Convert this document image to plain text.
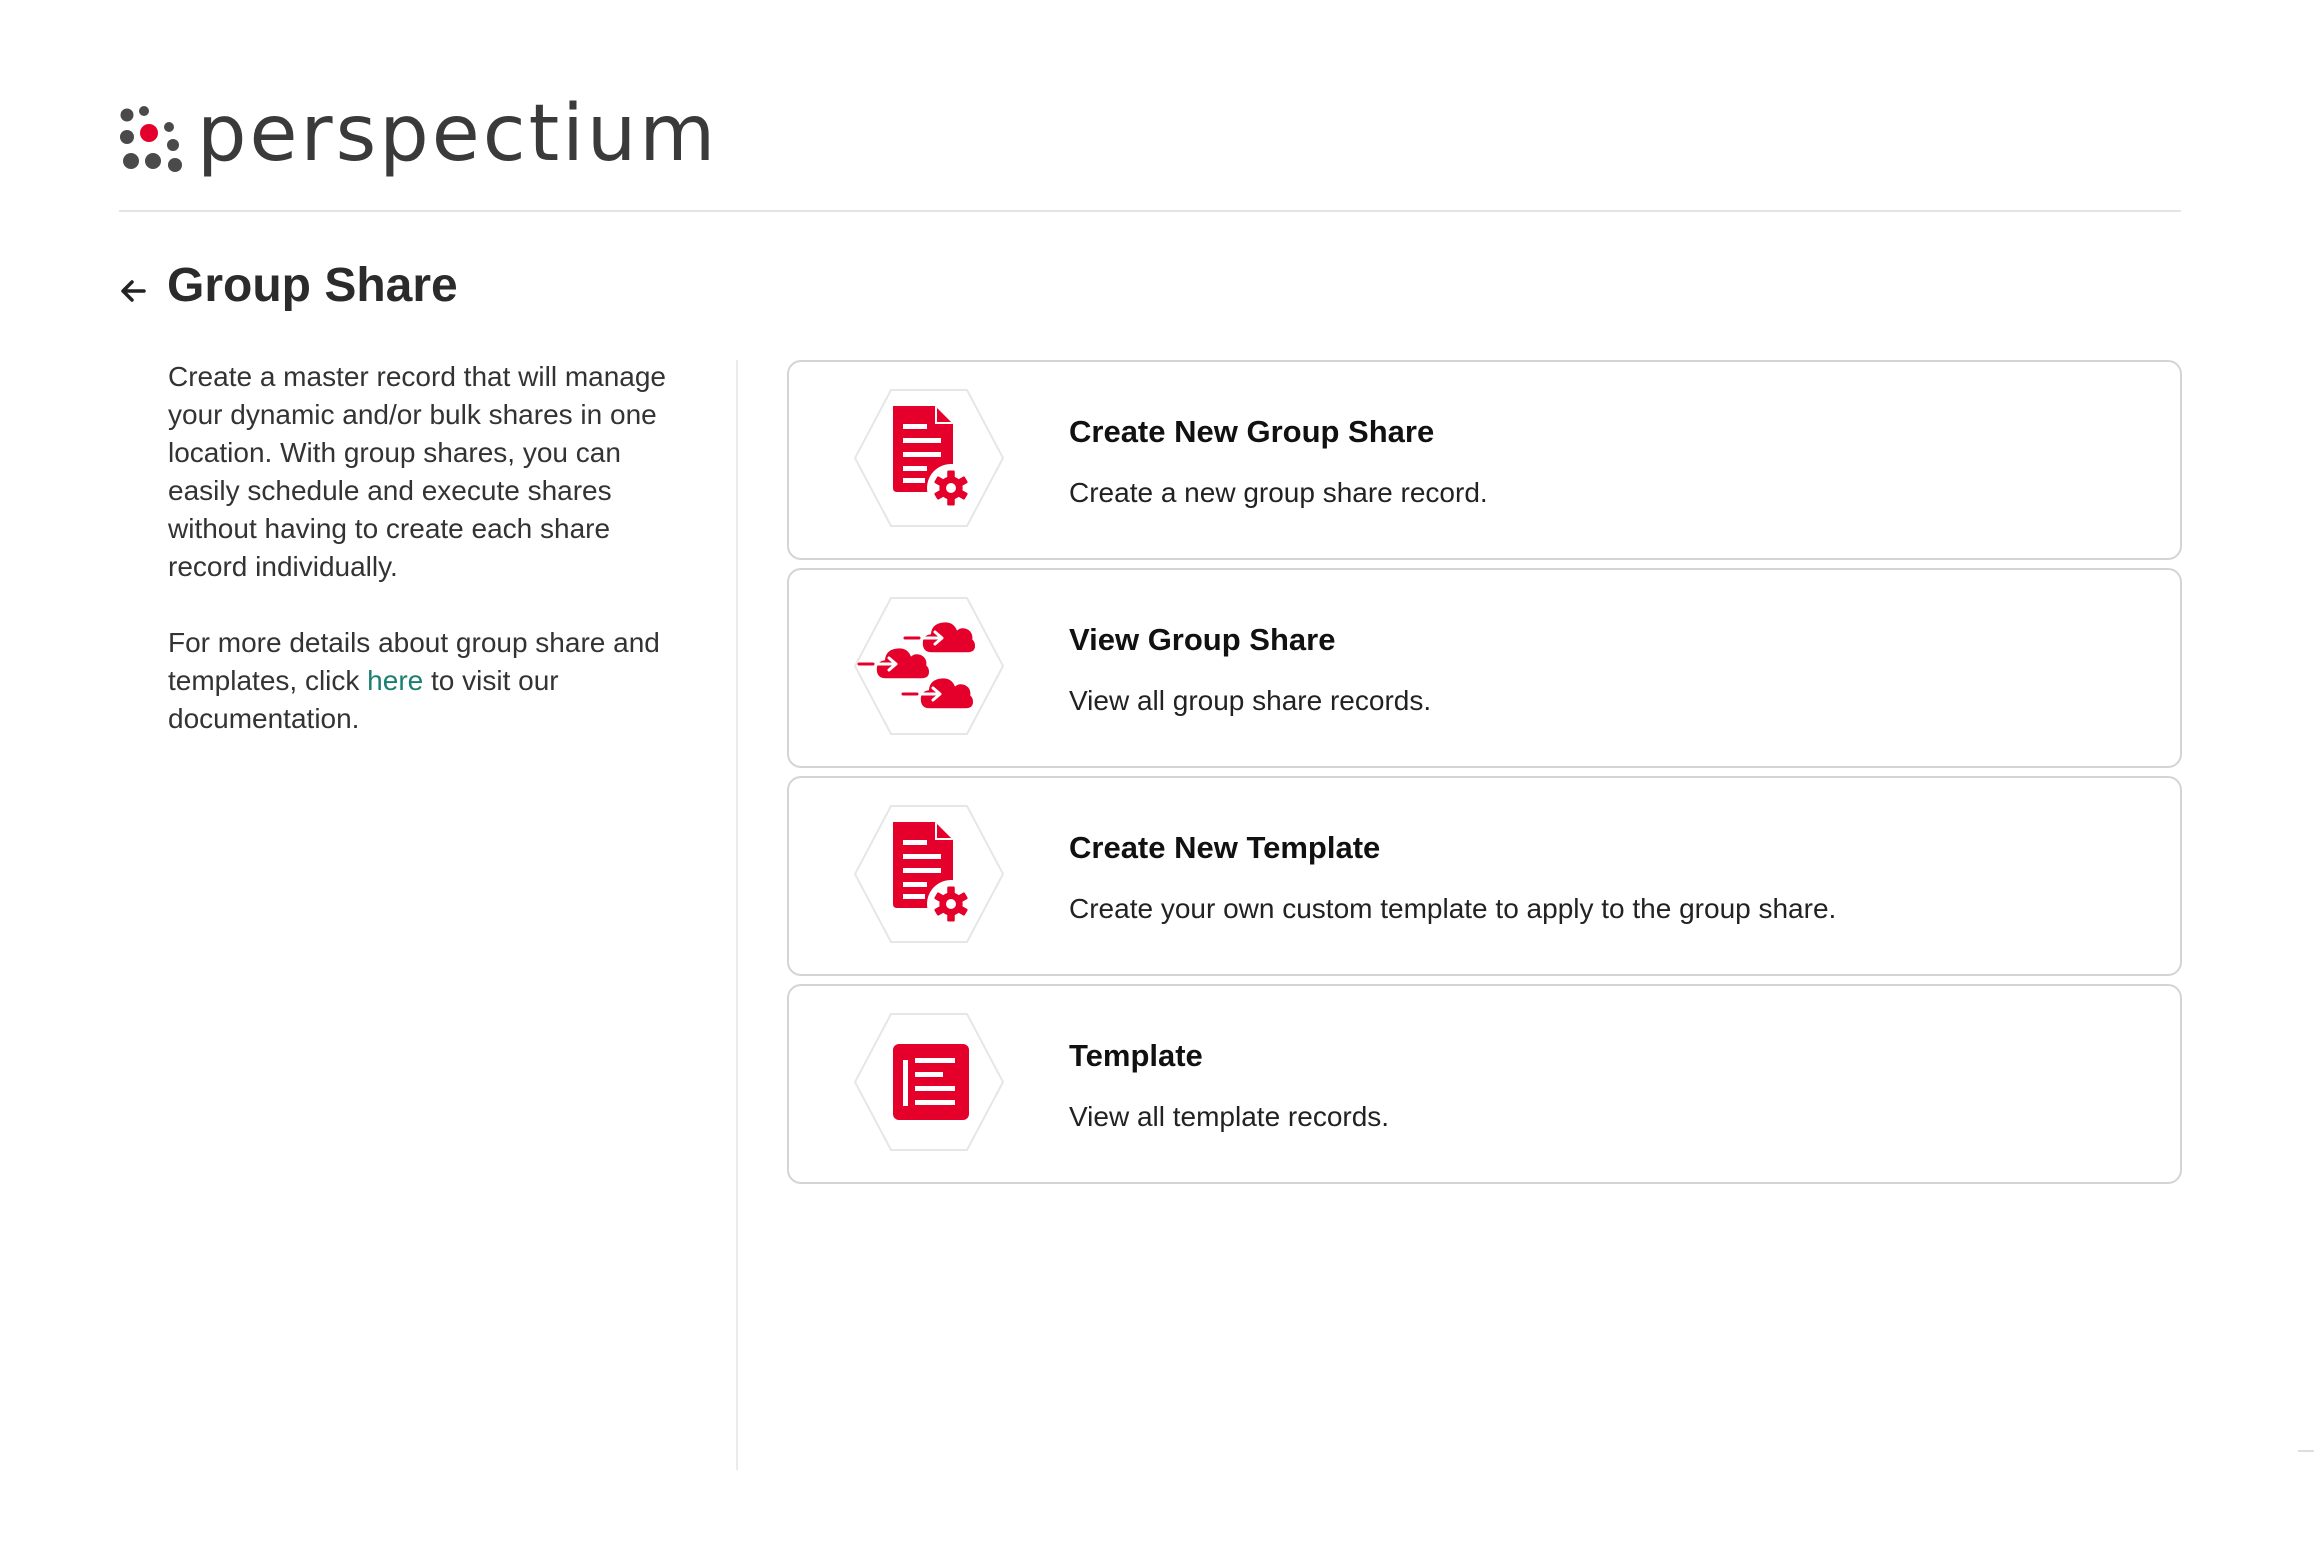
perspectium
Group Share

Create a master record that will manage your dynamic and/or bulk shares in one location. With group shares, you can easily schedule and execute shares without having to create each share record individually.

For more details about group share and templates, click here to visit our documentation.

Create New Group Share
Create a new group share record.
View Group Share
View all group share records.
Create New Template
Create your own custom template to apply to the group share.
Template
View all template records.
